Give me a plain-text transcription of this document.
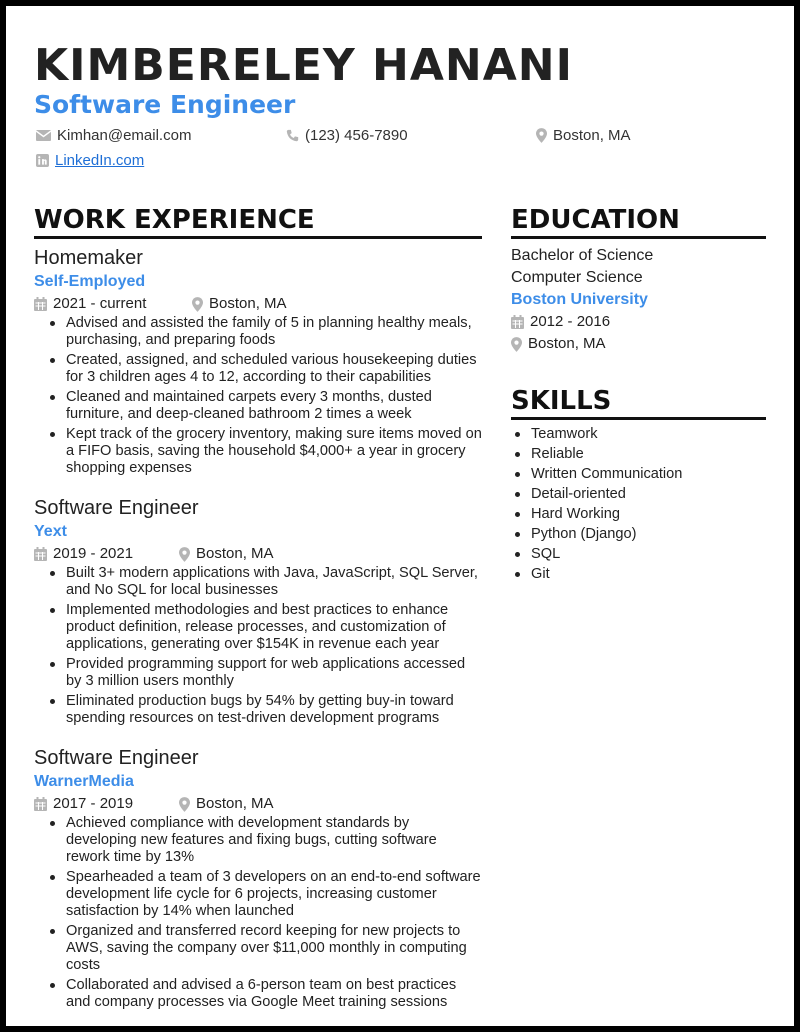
KIMBERELEY HANANI
Software Engineer
Kimhan@email.com	(123) 456-7890	Boston, MA
LinkedIn.com
WORK EXPERIENCE
Homemaker
Self-Employed
2021 - current	Boston, MA
Advised and assisted the family of 5 in planning healthy meals, purchasing, and preparing foods
Created, assigned, and scheduled various housekeeping duties for 3 children ages 4 to 12, according to their capabilities
Cleaned and maintained carpets every 3 months, dusted furniture, and deep-cleaned bathroom 2 times a week
Kept track of the grocery inventory, making sure items moved on a FIFO basis, saving the household $4,000+ a year in grocery shopping expenses
Software Engineer
Yext
2019 - 2021	Boston, MA
Built 3+ modern applications with Java, JavaScript, SQL Server, and No SQL for local businesses
Implemented methodologies and best practices to enhance product definition, release processes, and customization of applications, generating over $154K in revenue each year
Provided programming support for web applications accessed by 3 million users monthly
Eliminated production bugs by 54% by getting buy-in toward spending resources on test-driven development programs
Software Engineer
WarnerMedia
2017 - 2019	Boston, MA
Achieved compliance with development standards by developing new features and fixing bugs, cutting software rework time by 13%
Spearheaded a team of 3 developers on an end-to-end software development life cycle for 6 projects, increasing customer satisfaction by 14% when launched
Organized and transferred record keeping for new projects to AWS, saving the company over $11,000 monthly in computing costs
Collaborated and advised a 6-person team on best practices and company processes via Google Meet training sessions
EDUCATION
Bachelor of Science
Computer Science
Boston University
2012 - 2016
Boston, MA
SKILLS
Teamwork
Reliable
Written Communication
Detail-oriented
Hard Working
Python (Django)
SQL
Git
